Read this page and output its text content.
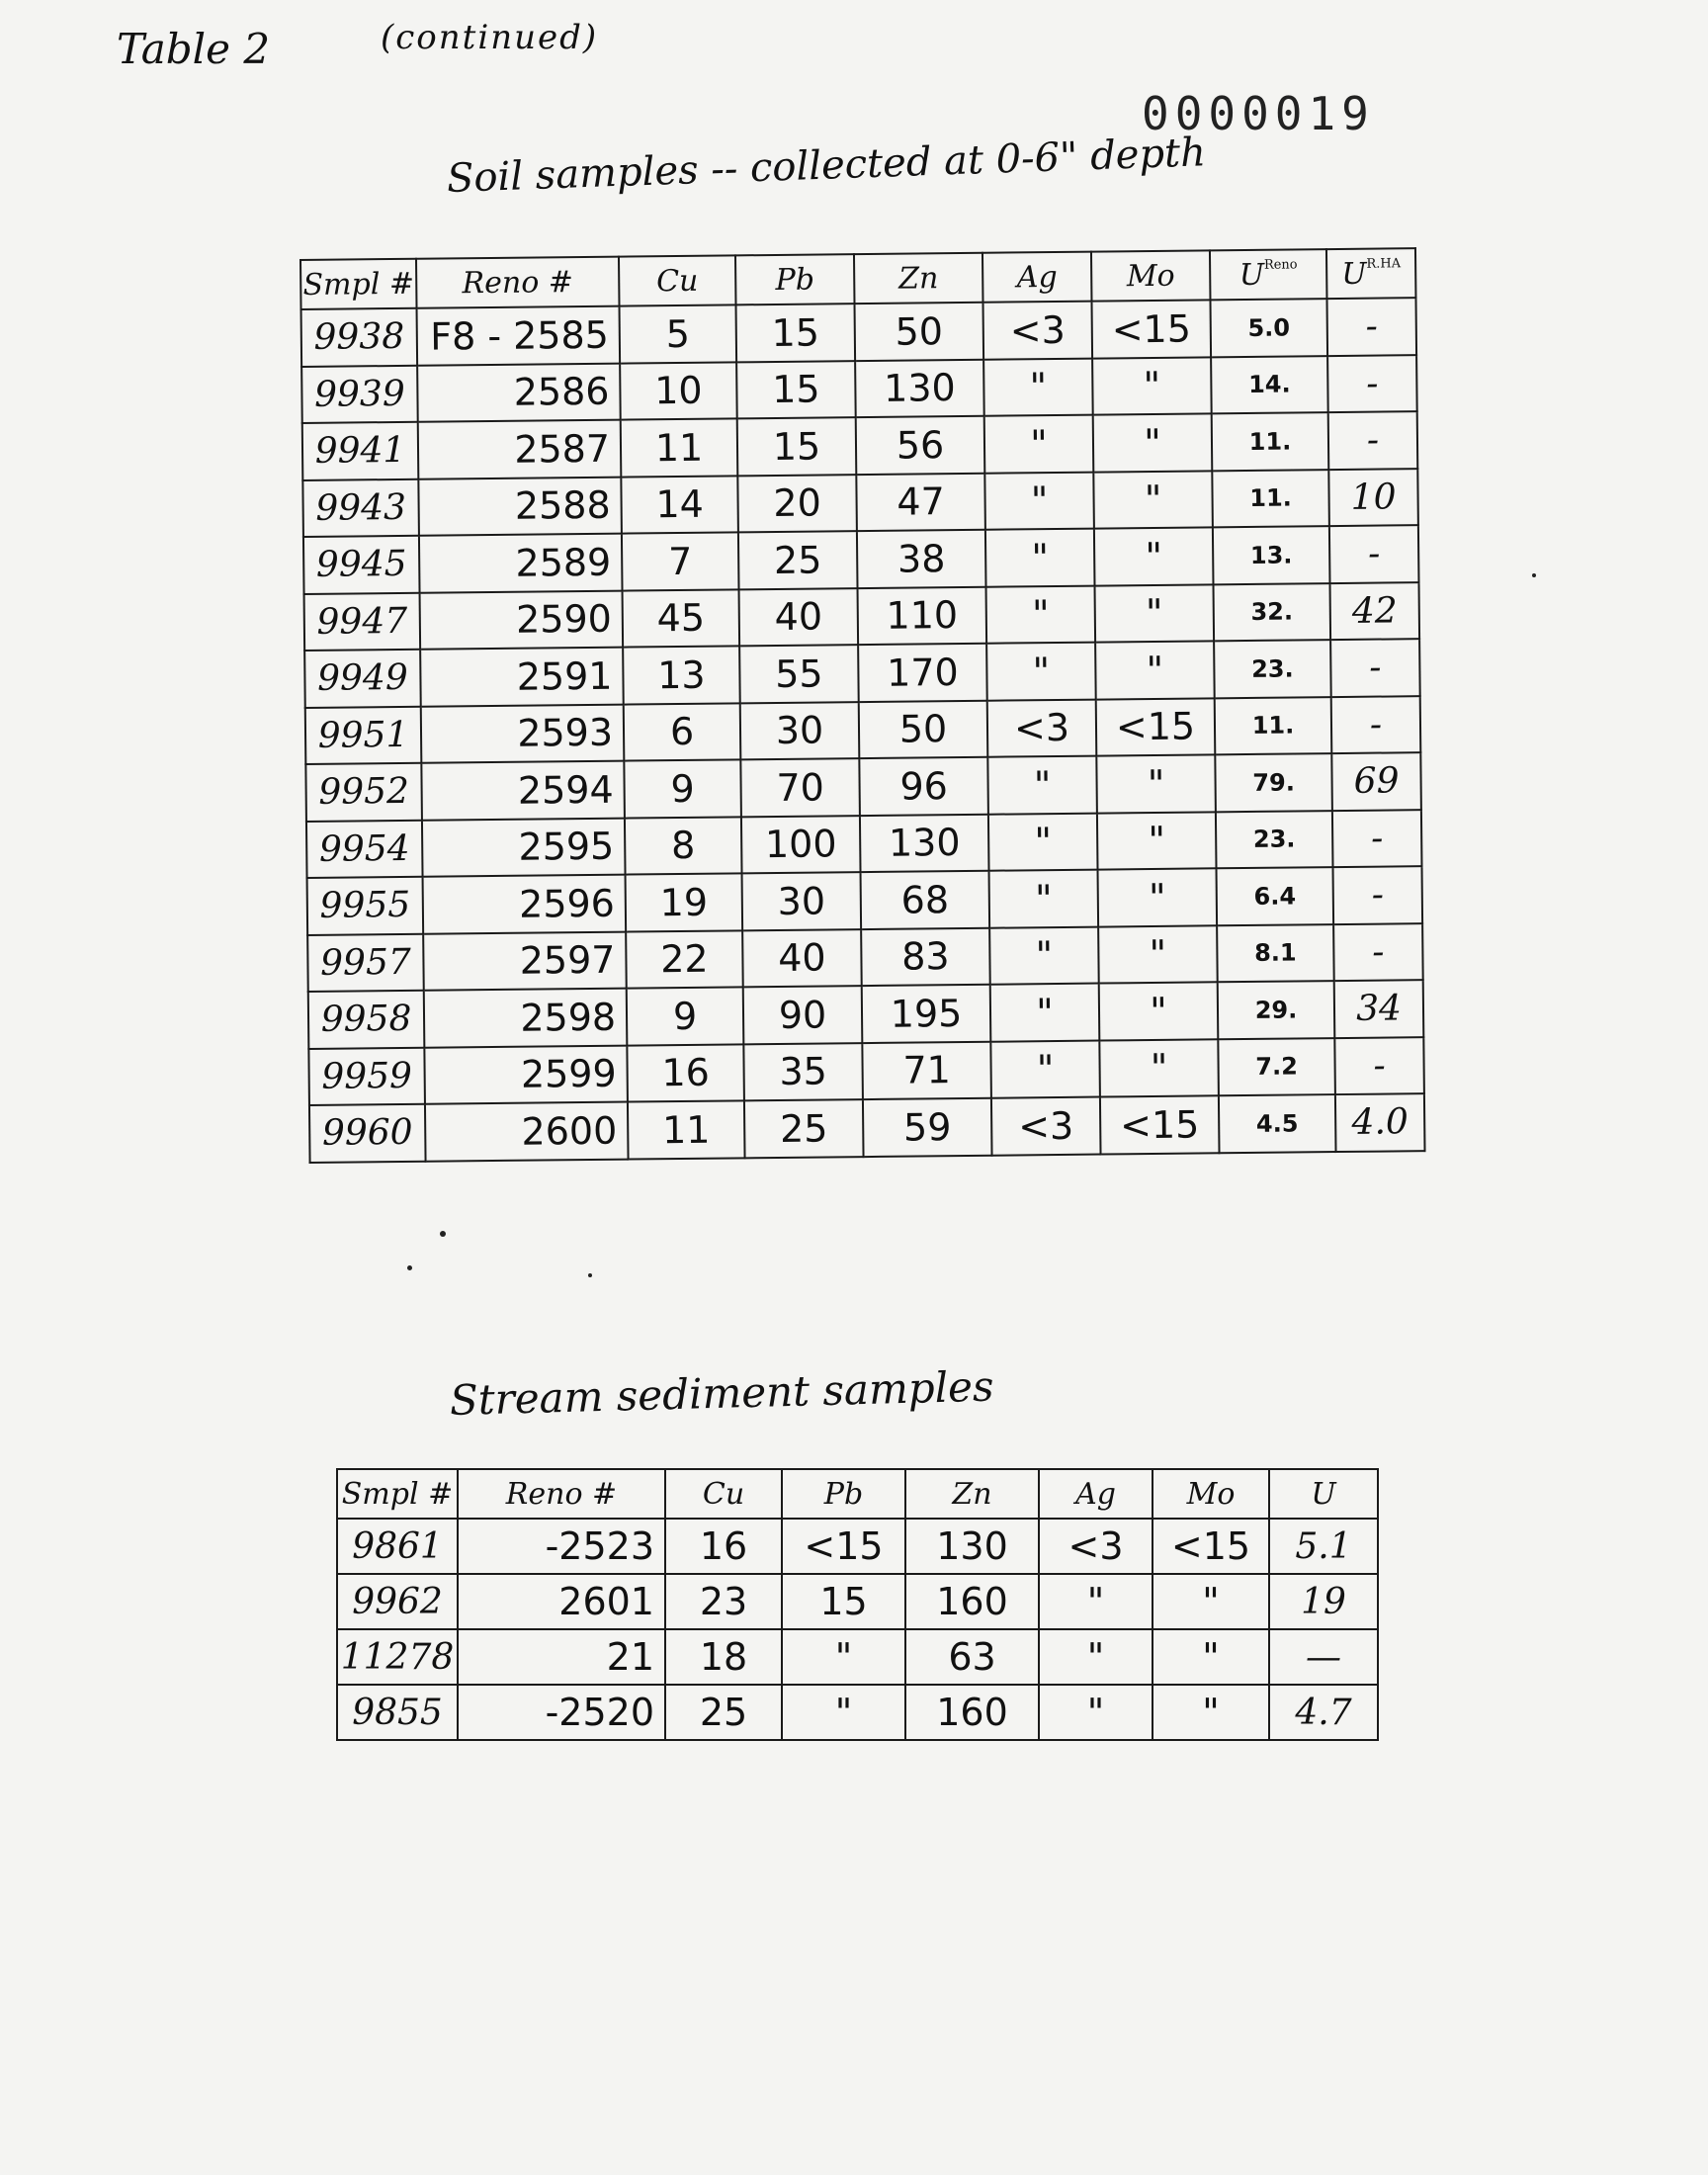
Table 2	(continued)
0000019
Soil samples -- collected at 0-6" depth
Smpl #	Reno #	Cu	Pb	Zn	Ag	Mo	$U^{Reno}$	$U^{R.HA}$
9938	F8 - 2585	5	15	50	<3	<15	5.0	-
9939	2586	10	15	130	"	"	14.	-
9941	2587	11	15	56	"	"	11.	-
9943	2588	14	20	47	"	"	11.	10
9945	2589	7	25	38	"	"	13.	-
9947	2590	45	40	110	"	"	32.	42
9949	2591	13	55	170	"	"	23.	-
9951	2593	6	30	50	<3	<15	11.	-
9952	2594	9	70	96	"	"	79.	69
9954	2595	8	100	130	"	"	23.	-
9955	2596	19	30	68	"	"	6.4	-
9957	2597	22	40	83	"	"	8.1	-
9958	2598	9	90	195	"	"	29.	34
9959	2599	16	35	71	"	"	7.2	-
9960	2600	11	25	59	<3	<15	4.5	4.0
Stream sediment samples
Smpl #	Reno #	Cu	Pb	Zn	Ag	Mo	U
9861	-2523	16	<15	130	<3	<15	5.1
9962	2601	23	15	160	"	"	19
11278	21	18	"	63	"	"	—
9855	-2520	25	"	160	"	"	4.7
